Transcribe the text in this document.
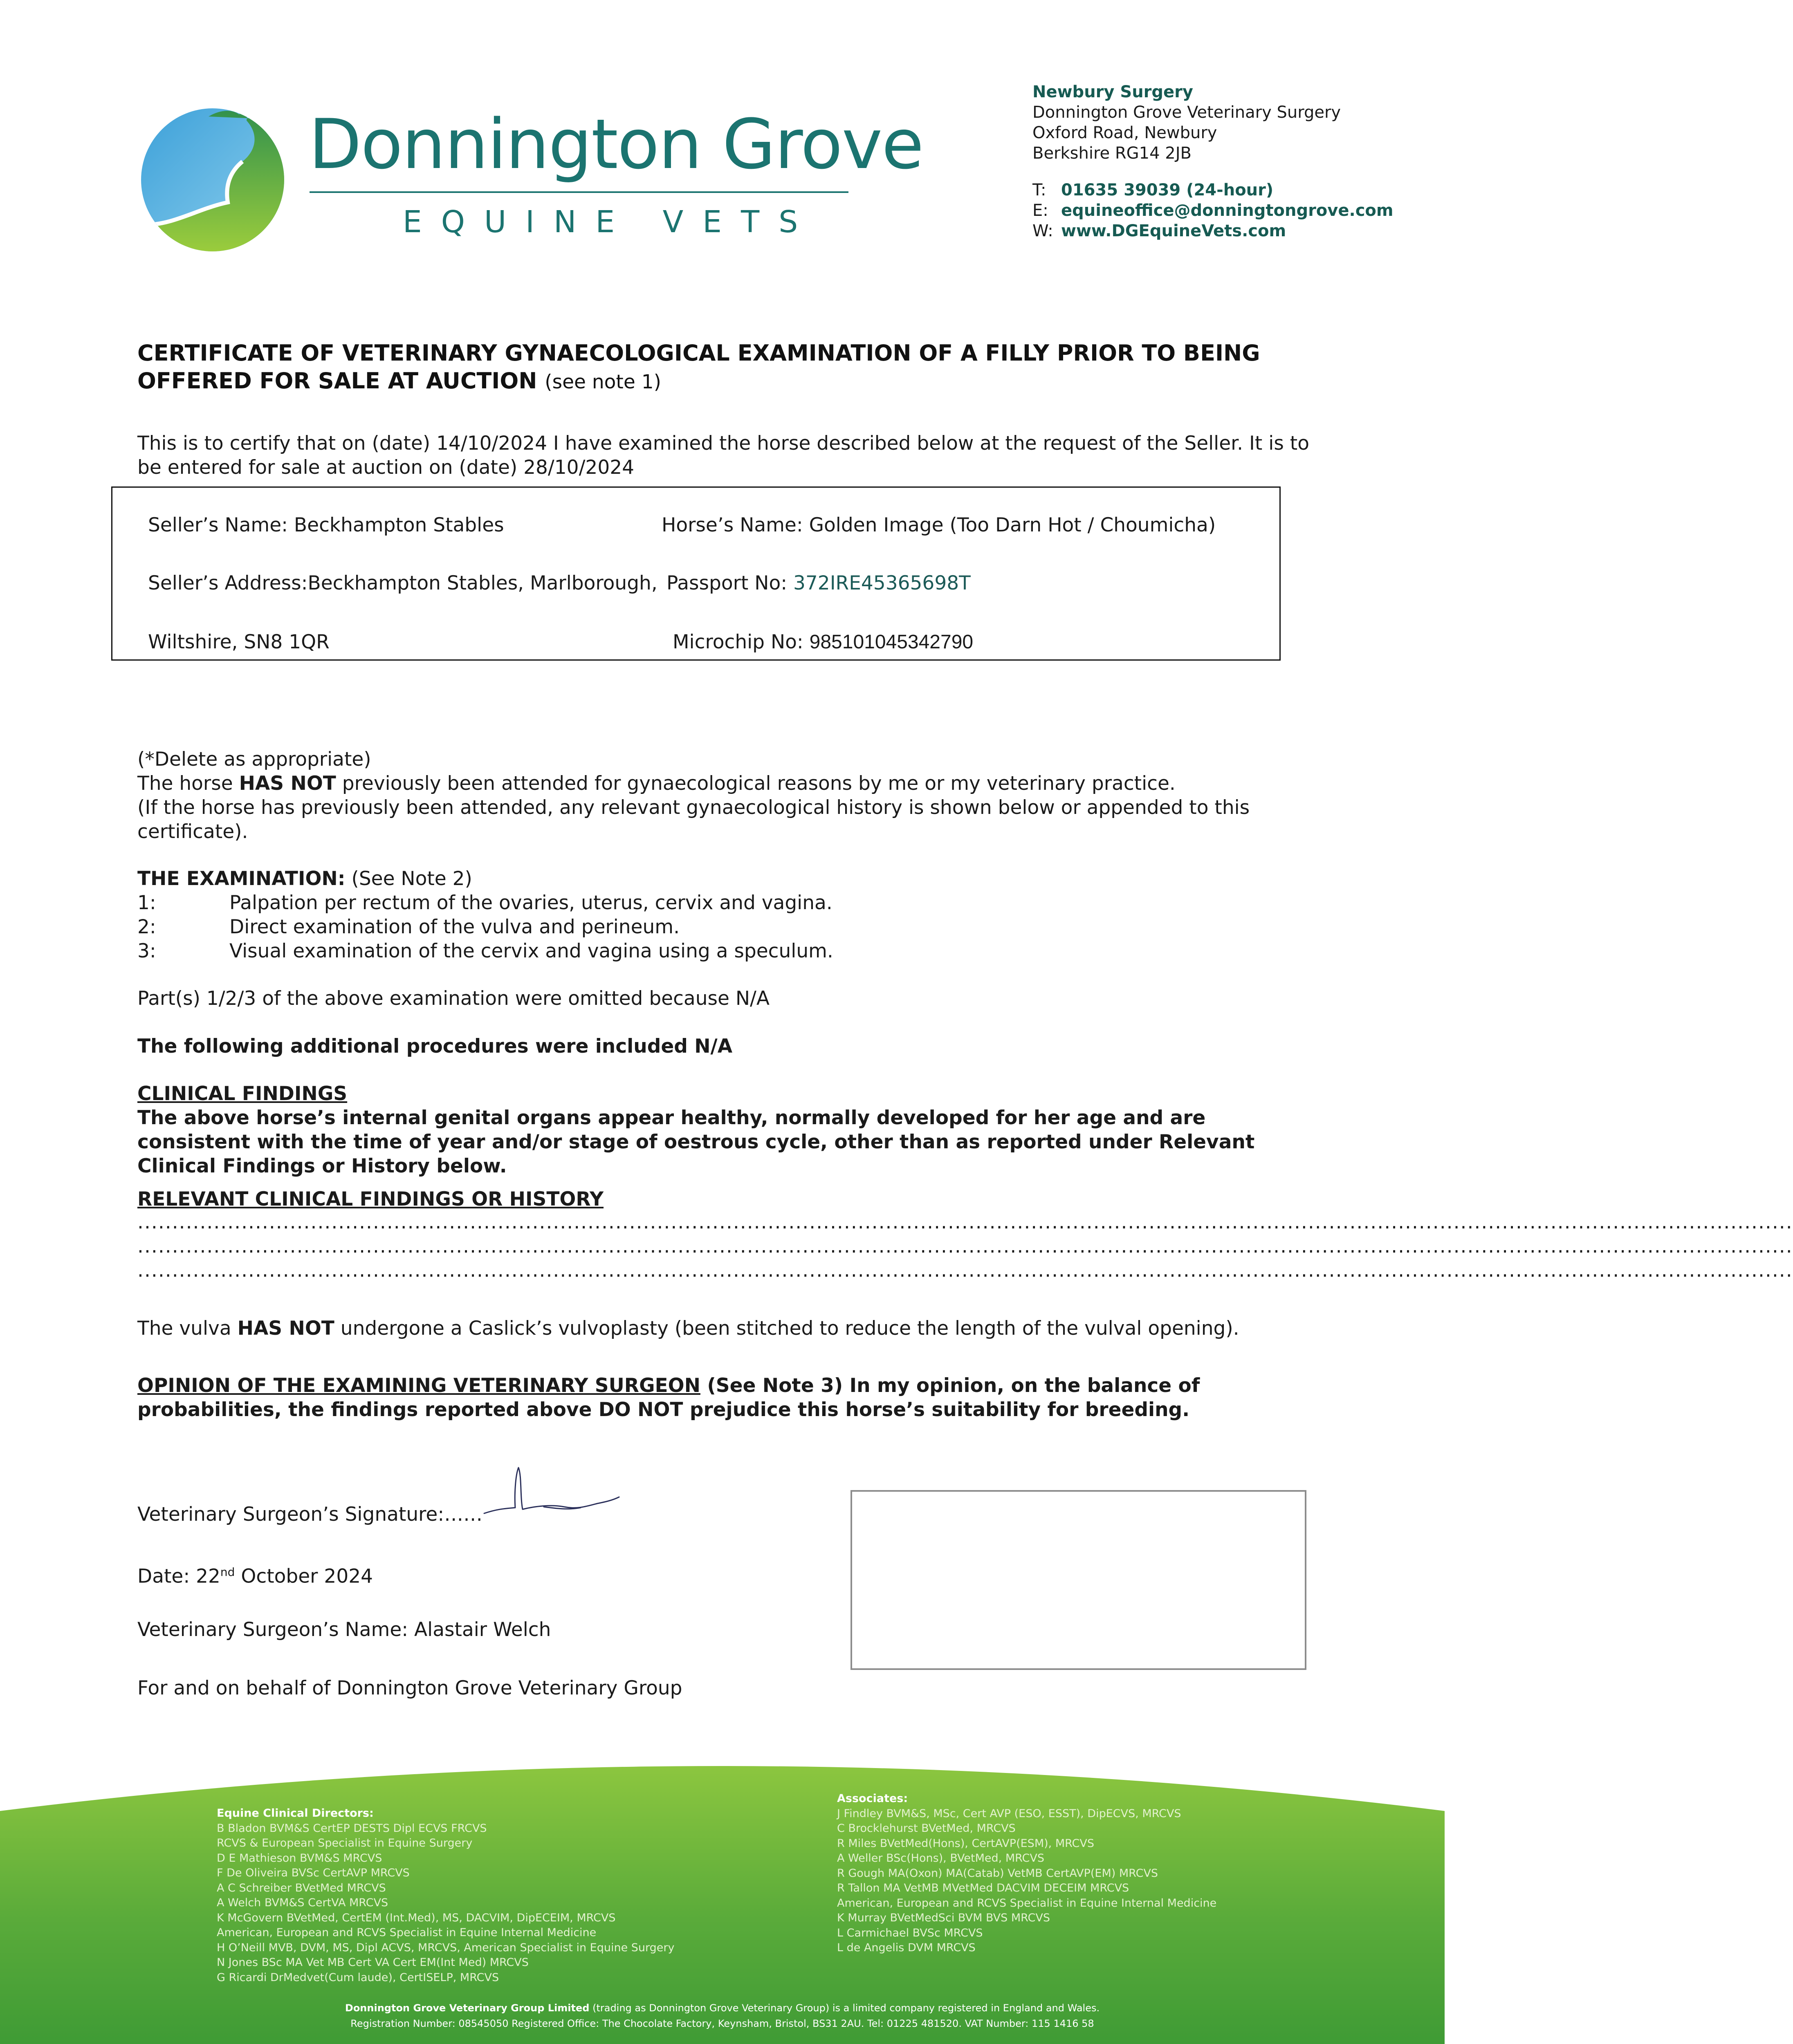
Donnington Grove
EQUINE VETS
Newbury Surgery
Donnington Grove Veterinary Surgery
Oxford Road, Newbury
Berkshire RG14 2JB
T: 01635 39039 (24-hour)
E: equineoffice@donningtongrove.com
W: www.DGEquineVets.com
CERTIFICATE OF VETERINARY GYNAECOLOGICAL EXAMINATION OF A FILLY PRIOR TO BEING OFFERED FOR SALE AT AUCTION (see note 1)
This is to certify that on (date) 14/10/2024 I have examined the horse described below at the request of the Seller. It is to be entered for sale at auction on (date) 28/10/2024
Seller’s Name: Beckhampton Stables	Horse’s Name: Golden Image (Too Darn Hot / Choumicha)
Seller’s Address:Beckhampton Stables, Marlborough, Passport No: 372IRE45365698T
Wiltshire, SN8 1QR	Microchip No: 985101045342790
(*Delete as appropriate)
The horse HAS NOT previously been attended for gynaecological reasons by me or my veterinary practice.
(If the horse has previously been attended, any relevant gynaecological history is shown below or appended to this certificate).
THE EXAMINATION: (See Note 2)
1:	Palpation per rectum of the ovaries, uterus, cervix and vagina.
2:	Direct examination of the vulva and perineum.
3:	Visual examination of the cervix and vagina using a speculum.
Part(s) 1/2/3 of the above examination were omitted because N/A
The following additional procedures were included N/A
CLINICAL FINDINGS
The above horse’s internal genital organs appear healthy, normally developed for her age and are consistent with the time of year and/or stage of oestrous cycle, other than as reported under Relevant Clinical Findings or History below.
RELEVANT CLINICAL FINDINGS OR HISTORY
...............................................................................................................................................................................................................................................
...............................................................................................................................................................................................................................................
...............................................................................................................................................................................................................................................
The vulva HAS NOT undergone a Caslick’s vulvoplasty (been stitched to reduce the length of the vulval opening).
OPINION OF THE EXAMINING VETERINARY SURGEON (See Note 3) In my opinion, on the balance of probabilities, the findings reported above DO NOT prejudice this horse’s suitability for breeding.
Veterinary Surgeon’s Signature:……
Date: 22nd October 2024
Veterinary Surgeon’s Name: Alastair Welch
For and on behalf of Donnington Grove Veterinary Group
Equine Clinical Directors:
B Bladon BVM&S CertEP DESTS Dipl ECVS FRCVS
RCVS & European Specialist in Equine Surgery
D E Mathieson BVM&S MRCVS
F De Oliveira BVSc CertAVP MRCVS
A C Schreiber BVetMed MRCVS
A Welch BVM&S CertVA MRCVS
K McGovern BVetMed, CertEM (Int.Med), MS, DACVIM, DipECEIM, MRCVS
American, European and RCVS Specialist in Equine Internal Medicine
H O’Neill MVB, DVM, MS, Dipl ACVS, MRCVS, American Specialist in Equine Surgery
N Jones BSc MA Vet MB Cert VA Cert EM(Int Med) MRCVS
G Ricardi DrMedvet(Cum laude), CertISELP, MRCVS
Associates:
J Findley BVM&S, MSc, Cert AVP (ESO, ESST), DipECVS, MRCVS
C Brocklehurst BVetMed, MRCVS
R Miles BVetMed(Hons), CertAVP(ESM), MRCVS
A Weller BSc(Hons), BVetMed, MRCVS
R Gough MA(Oxon) MA(Catab) VetMB CertAVP(EM) MRCVS
R Tallon MA VetMB MVetMed DACVIM DECEIM MRCVS
American, European and RCVS Specialist in Equine Internal Medicine
K Murray BVetMedSci BVM BVS MRCVS
L Carmichael BVSc MRCVS
L de Angelis DVM MRCVS
Donnington Grove Veterinary Group Limited (trading as Donnington Grove Veterinary Group) is a limited company registered in England and Wales.
Registration Number: 08545050 Registered Office: The Chocolate Factory, Keynsham, Bristol, BS31 2AU. Tel: 01225 481520. VAT Number: 115 1416 58
